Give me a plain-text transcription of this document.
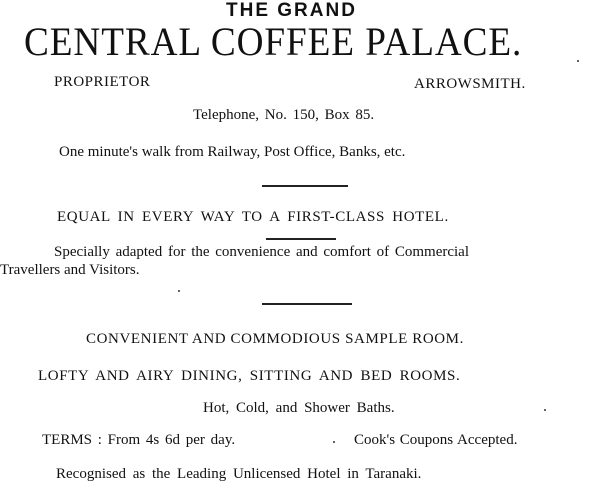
THE GRAND
CENTRAL COFFEE PALACE.
PROPRIETOR	ARROWSMITH.
Telephone, No. 150, Box 85.
One minute's walk from Railway, Post Office, Banks, etc.
EQUAL IN EVERY WAY TO A FIRST-CLASS HOTEL.
Specially adapted for the convenience and comfort of Commercial
Travellers and Visitors.
CONVENIENT AND COMMODIOUS SAMPLE ROOM.
LOFTY AND AIRY DINING, SITTING AND BED ROOMS.
Hot, Cold, and Shower Baths.
TERMS : From 4s 6d per day.	Cook's Coupons Accepted.
Recognised as the Leading Unlicensed Hotel in Taranaki.
